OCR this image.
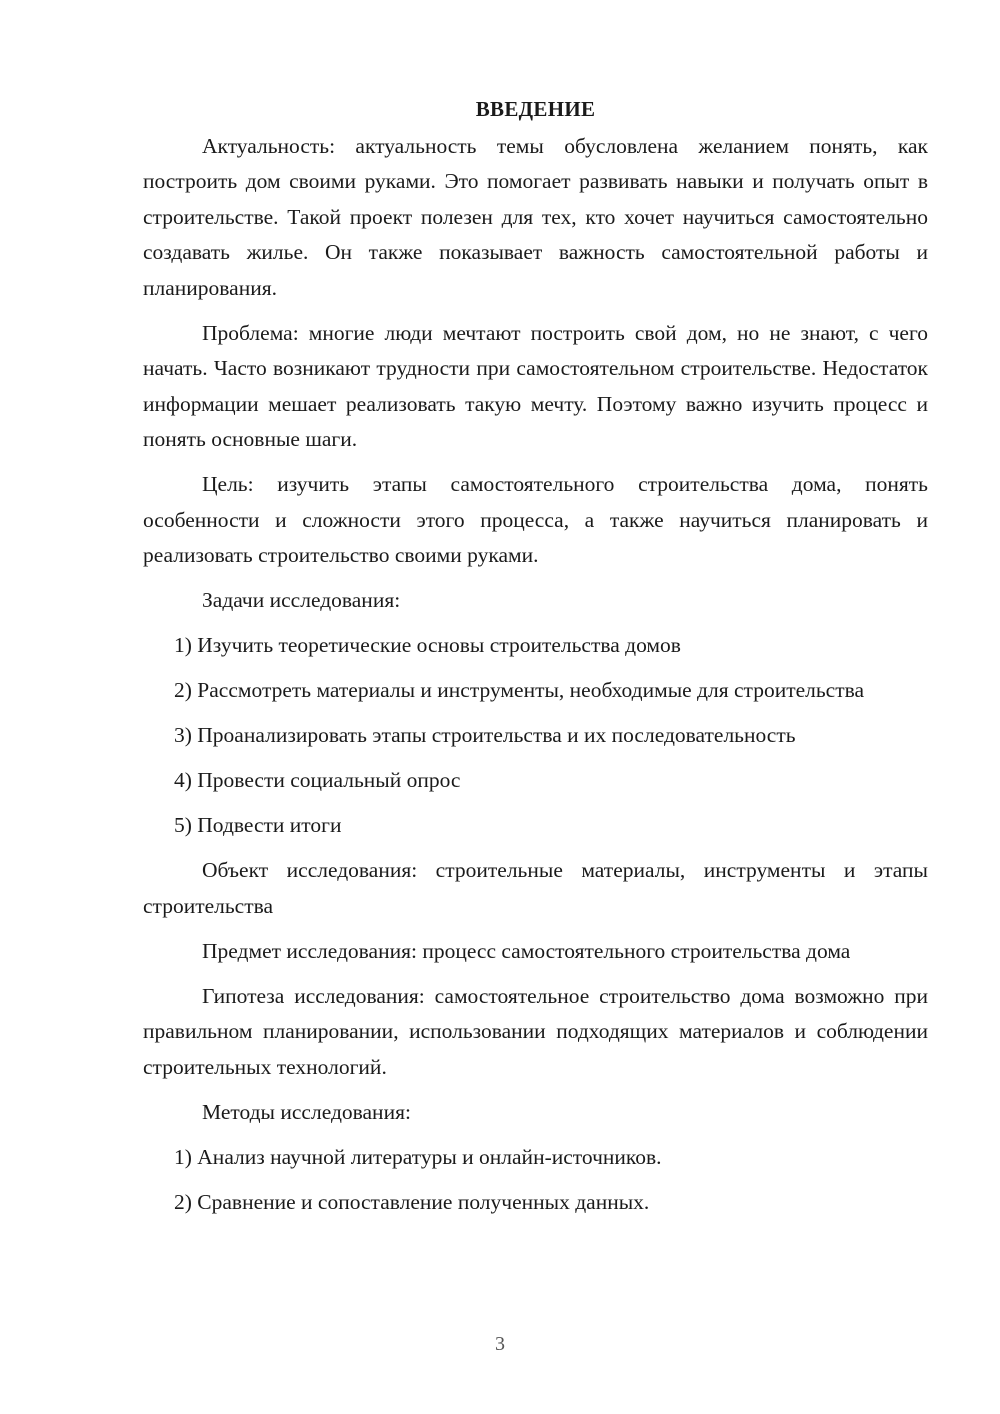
ВВЕДЕНИЕ
Актуальность: актуальность темы обусловлена желанием понять, как построить дом своими руками. Это помогает развивать навыки и получать опыт в строительстве. Такой проект полезен для тех, кто хочет научиться самостоятельно создавать жилье. Он также показывает важность самостоятельной работы и планирования.
Проблема: многие люди мечтают построить свой дом, но не знают, с чего начать. Часто возникают трудности при самостоятельном строительстве. Недостаток информации мешает реализовать такую мечту. Поэтому важно изучить процесс и понять основные шаги.
Цель: изучить этапы самостоятельного строительства дома, понять особенности и сложности этого процесса, а также научиться планировать и реализовать строительство своими руками.
Задачи исследования:
1) Изучить теоретические основы строительства домов
2) Рассмотреть материалы и инструменты, необходимые для строительства
3) Проанализировать этапы строительства и их последовательность
4) Провести социальный опрос
5) Подвести итоги
Объект исследования: строительные материалы, инструменты и этапы строительства
Предмет исследования: процесс самостоятельного строительства дома
Гипотеза исследования: самостоятельное строительство дома возможно при правильном планировании, использовании подходящих материалов и соблюдении строительных технологий.
Методы исследования:
1) Анализ научной литературы и онлайн-источников.
2) Сравнение и сопоставление полученных данных.
3
